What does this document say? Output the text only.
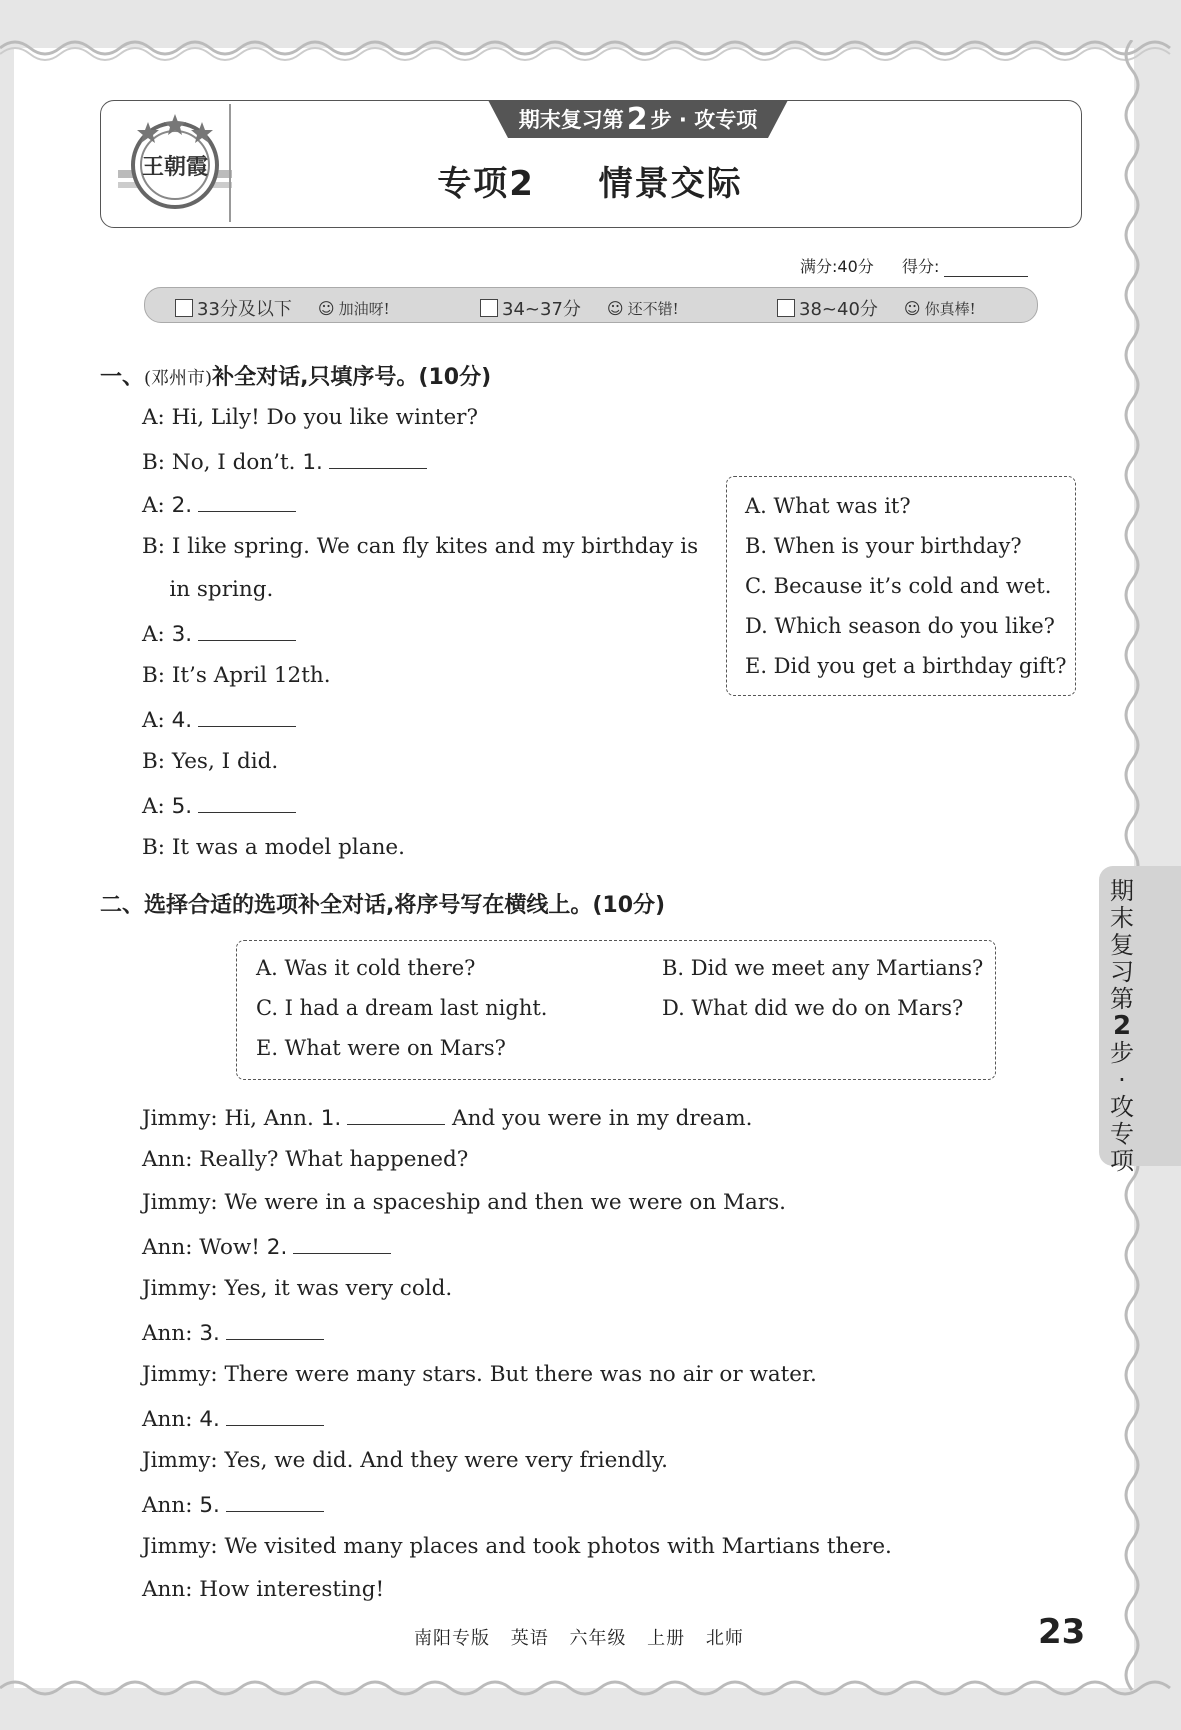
王朝霞
期末复习第 2 步 · 攻专项
专项2 情景交际
满分:40分 得分:
33分及以下 ☺ 加油呀!	34~37分 ☺ 还不错!	38~40分 ☺ 你真棒!
一、(邓州市)补全对话,只填序号。(10分)
A: Hi, Lily! Do you like winter?
B: No, I don’t. 1.
A: 2.
B: I like spring. We can fly kites and my birthday is
in spring.
A: 3.
B: It’s April 12th.
A: 4.
B: Yes, I did.
A: 5.
B: It was a model plane.
A. What was it?
B. When is your birthday?
C. Because it’s cold and wet.
D. Which season do you like?
E. Did you get a birthday gift?
二、选择合适的选项补全对话,将序号写在横线上。(10分)
A. Was it cold there?	B. Did we meet any Martians?
C. I had a dream last night.	D. What did we do on Mars?
E. What were on Mars?
Jimmy: Hi, Ann. 1.	And you were in my dream.
Ann: Really? What happened?
Jimmy: We were in a spaceship and then we were on Mars.
Ann: Wow! 2.
Jimmy: Yes, it was very cold.
Ann: 3.
Jimmy: There were many stars. But there was no air or water.
Ann: 4.
Jimmy: Yes, we did. And they were very friendly.
Ann: 5.
Jimmy: We visited many places and took photos with Martians there.
Ann: How interesting!
期
末
复
习
第
2
步
·
攻
专
项
南阳专版 英语 六年级 上册 北师	23
